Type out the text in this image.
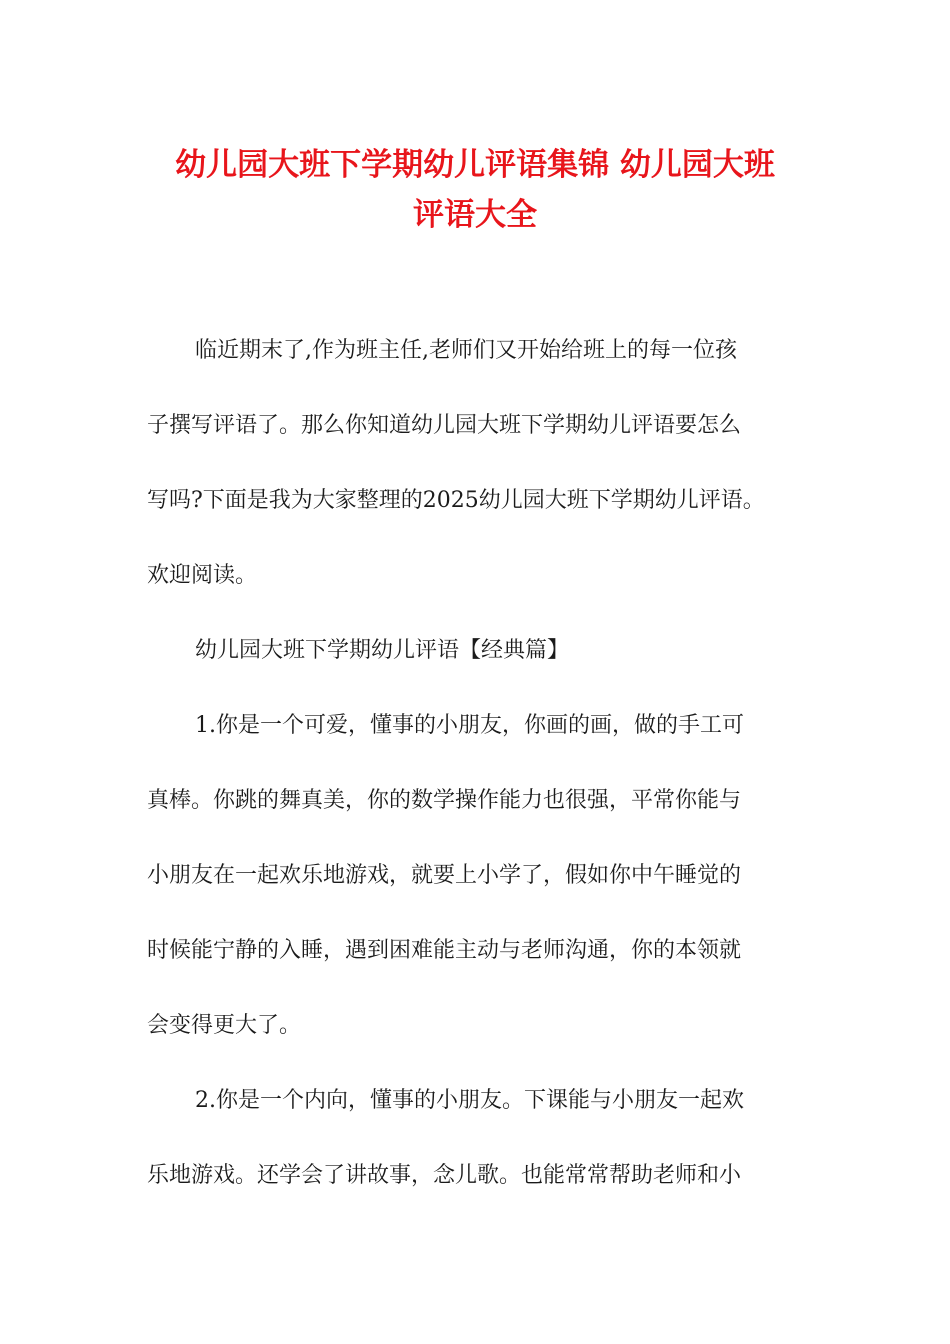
幼儿园大班下学期幼儿评语集锦 幼儿园大班
评语大全

临近期末了,作为班主任,老师们又开始给班上的每一位孩

子撰写评语了。那么你知道幼儿园大班下学期幼儿评语要怎么

写吗?下面是我为大家整理的2025幼儿园大班下学期幼儿评语。

欢迎阅读。

幼儿园大班下学期幼儿评语【经典篇】

1.你是一个可爱，懂事的小朋友，你画的画，做的手工可

真棒。你跳的舞真美，你的数学操作能力也很强，平常你能与

小朋友在一起欢乐地游戏，就要上小学了，假如你中午睡觉的

时候能宁静的入睡，遇到困难能主动与老师沟通，你的本领就

会变得更大了。

2.你是一个内向，懂事的小朋友。下课能与小朋友一起欢

乐地游戏。还学会了讲故事，念儿歌。也能常常帮助老师和小
